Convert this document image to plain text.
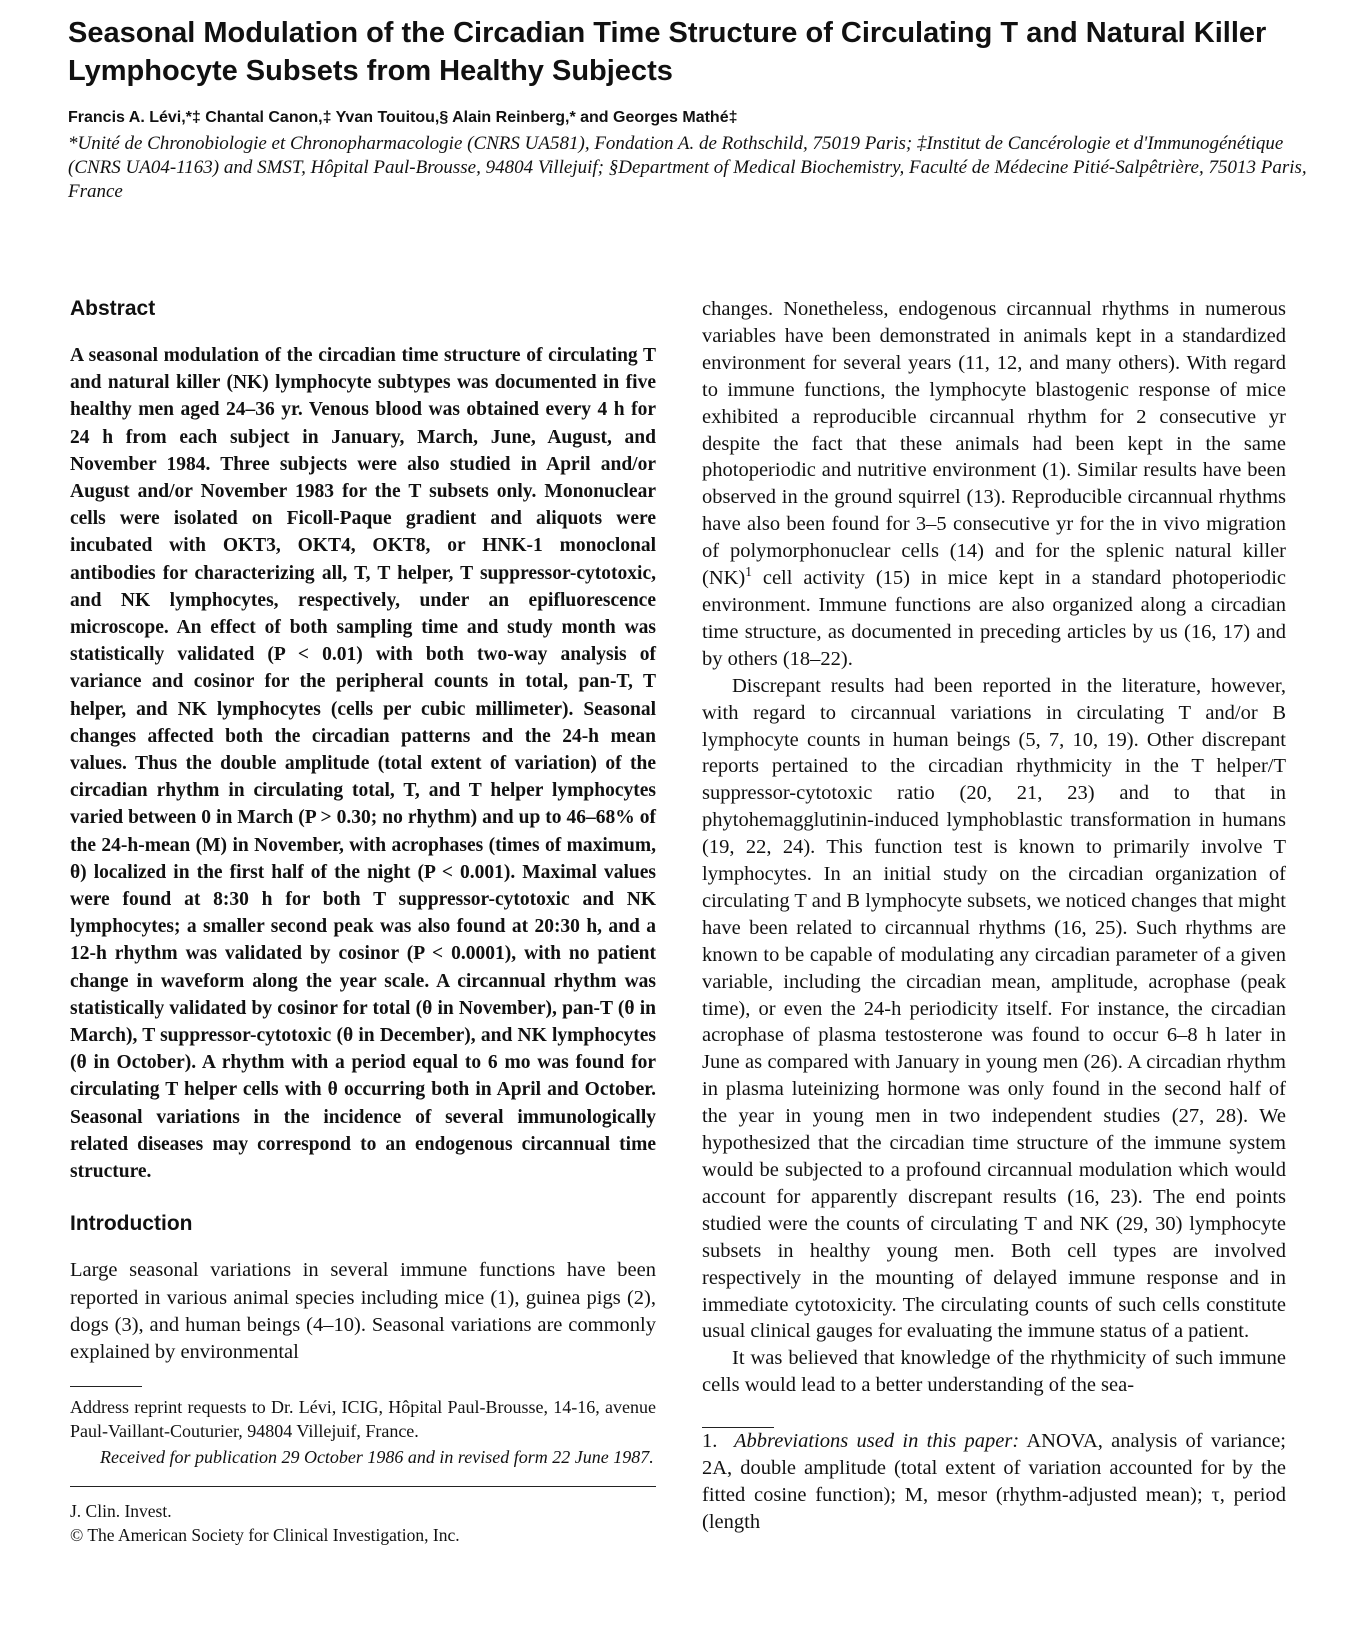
Seasonal Modulation of the Circadian Time Structure of Circulating T and Natural Killer Lymphocyte Subsets from Healthy Subjects
Francis A. Lévi,*‡ Chantal Canon,‡ Yvan Touitou,§ Alain Reinberg,* and Georges Mathé‡
*Unité de Chronobiologie et Chronopharmacologie (CNRS UA581), Fondation A. de Rothschild, 75019 Paris; ‡Institut de Cancérologie et d'Immunogénétique (CNRS UA04-1163) and SMST, Hôpital Paul-Brousse, 94804 Villejuif; §Department of Medical Biochemistry, Faculté de Médecine Pitié-Salpêtrière, 75013 Paris, France
Abstract

A seasonal modulation of the circadian time structure of circulating T and natural killer (NK) lymphocyte subtypes was documented in five healthy men aged 24–36 yr. Venous blood was obtained every 4 h for 24 h from each subject in January, March, June, August, and November 1984. Three subjects were also studied in April and/or August and/or November 1983 for the T subsets only. Mononuclear cells were isolated on Ficoll-Paque gradient and aliquots were incubated with OKT3, OKT4, OKT8, or HNK-1 monoclonal antibodies for characterizing all, T, T helper, T suppressor-cytotoxic, and NK lymphocytes, respectively, under an epifluorescence microscope. An effect of both sampling time and study month was statistically validated (P < 0.01) with both two-way analysis of variance and cosinor for the peripheral counts in total, pan-T, T helper, and NK lymphocytes (cells per cubic millimeter). Seasonal changes affected both the circadian patterns and the 24-h mean values. Thus the double amplitude (total extent of variation) of the circadian rhythm in circulating total, T, and T helper lymphocytes varied between 0 in March (P > 0.30; no rhythm) and up to 46–68% of the 24-h-mean (M) in November, with acrophases (times of maximum, θ) localized in the first half of the night (P < 0.001). Maximal values were found at 8:30 h for both T suppressor-cytotoxic and NK lymphocytes; a smaller second peak was also found at 20:30 h, and a 12-h rhythm was validated by cosinor (P < 0.0001), with no patient change in waveform along the year scale. A circannual rhythm was statistically validated by cosinor for total (θ in November), pan-T (θ in March), T suppressor-cytotoxic (θ in December), and NK lymphocytes (θ in October). A rhythm with a period equal to 6 mo was found for circulating T helper cells with θ occurring both in April and October. Seasonal variations in the incidence of several immunologically related diseases may correspond to an endogenous circannual time structure.

Introduction

Large seasonal variations in several immune functions have been reported in various animal species including mice (1), guinea pigs (2), dogs (3), and human beings (4–10). Seasonal variations are commonly explained by environmental

Address reprint requests to Dr. Lévi, ICIG, Hôpital Paul-Brousse, 14-16, avenue Paul-Vaillant-Couturier, 94804 Villejuif, France.

Received for publication 29 October 1986 and in revised form 22 June 1987.

J. Clin. Invest.
© The American Society for Clinical Investigation, Inc.

changes. Nonetheless, endogenous circannual rhythms in numerous variables have been demonstrated in animals kept in a standardized environment for several years (11, 12, and many others). With regard to immune functions, the lymphocyte blastogenic response of mice exhibited a reproducible circannual rhythm for 2 consecutive yr despite the fact that these animals had been kept in the same photoperiodic and nutritive environment (1). Similar results have been observed in the ground squirrel (13). Reproducible circannual rhythms have also been found for 3–5 consecutive yr for the in vivo migration of polymorphonuclear cells (14) and for the splenic natural killer (NK)$^1$ cell activity (15) in mice kept in a standard photoperiodic environment. Immune functions are also organized along a circadian time structure, as documented in preceding articles by us (16, 17) and by others (18–22).

Discrepant results had been reported in the literature, however, with regard to circannual variations in circulating T and/or B lymphocyte counts in human beings (5, 7, 10, 19). Other discrepant reports pertained to the circadian rhythmicity in the T helper/T suppressor-cytotoxic ratio (20, 21, 23) and to that in phytohemagglutinin-induced lymphoblastic transformation in humans (19, 22, 24). This function test is known to primarily involve T lymphocytes. In an initial study on the circadian organization of circulating T and B lymphocyte subsets, we noticed changes that might have been related to circannual rhythms (16, 25). Such rhythms are known to be capable of modulating any circadian parameter of a given variable, including the circadian mean, amplitude, acrophase (peak time), or even the 24-h periodicity itself. For instance, the circadian acrophase of plasma testosterone was found to occur 6–8 h later in June as compared with January in young men (26). A circadian rhythm in plasma luteinizing hormone was only found in the second half of the year in young men in two independent studies (27, 28). We hypothesized that the circadian time structure of the immune system would be subjected to a profound circannual modulation which would account for apparently discrepant results (16, 23). The end points studied were the counts of circulating T and NK (29, 30) lymphocyte subsets in healthy young men. Both cell types are involved respectively in the mounting of delayed immune response and in immediate cytotoxicity. The circulating counts of such cells constitute usual clinical gauges for evaluating the immune status of a patient.

It was believed that knowledge of the rhythmicity of such immune cells would lead to a better understanding of the sea-

1. Abbreviations used in this paper: ANOVA, analysis of variance; 2A, double amplitude (total extent of variation accounted for by the fitted cosine function); M, mesor (rhythm-adjusted mean); τ, period (length
